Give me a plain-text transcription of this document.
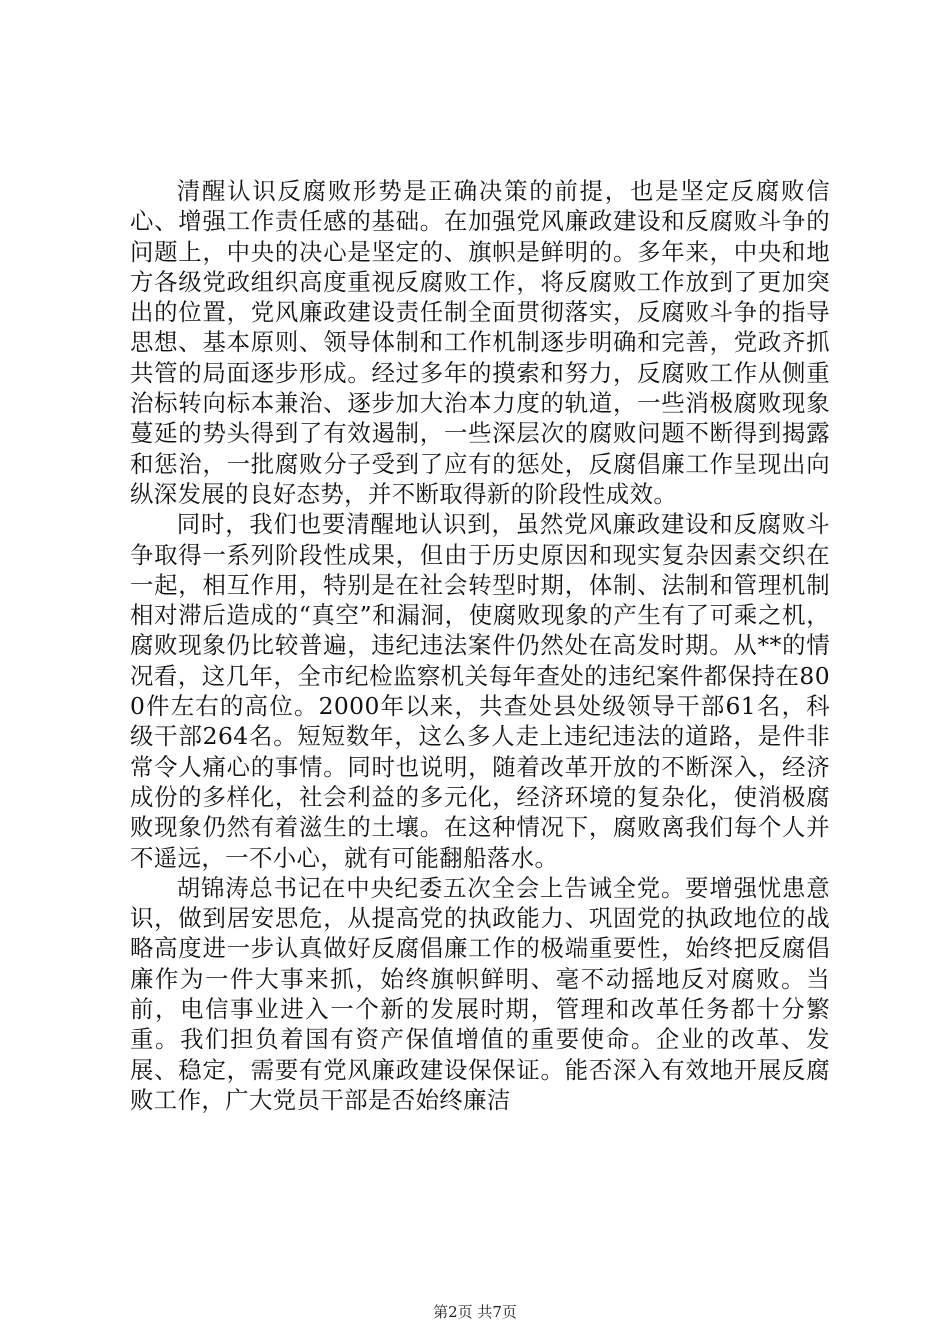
清醒认识反腐败形势是正确决策的前提，也是坚定反腐败信心、增强工作责任感的基础。在加强党风廉政建设和反腐败斗争的问题上，中央的决心是坚定的、旗帜是鲜明的。多年来，中央和地方各级党政组织高度重视反腐败工作，将反腐败工作放到了更加突出的位置，党风廉政建设责任制全面贯彻落实，反腐败斗争的指导思想、基本原则、领导体制和工作机制逐步明确和完善，党政齐抓共管的局面逐步形成。经过多年的摸索和努力，反腐败工作从侧重治标转向标本兼治、逐步加大治本力度的轨道，一些消极腐败现象蔓延的势头得到了有效遏制，一些深层次的腐败问题不断得到揭露和惩治，一批腐败分子受到了应有的惩处，反腐倡廉工作呈现出向纵深发展的良好态势，并不断取得新的阶段性成效。

同时，我们也要清醒地认识到，虽然党风廉政建设和反腐败斗争取得一系列阶段性成果，但由于历史原因和现实复杂因素交织在一起，相互作用，特别是在社会转型时期，体制、法制和管理机制相对滞后造成的“真空”和漏洞，使腐败现象的产生有了可乘之机，腐败现象仍比较普遍，违纪违法案件仍然处在高发时期。从**的情况看，这几年，全市纪检监察机关每年查处的违纪案件都保持在800件左右的高位。2000年以来，共查处县处级领导干部61名，科级干部264名。短短数年，这么多人走上违纪违法的道路，是件非常令人痛心的事情。同时也说明，随着改革开放的不断深入，经济成份的多样化，社会利益的多元化，经济环境的复杂化，使消极腐败现象仍然有着滋生的土壤。在这种情况下，腐败离我们每个人并不遥远，一不小心，就有可能翻船落水。

胡锦涛总书记在中央纪委五次全会上告诫全党。要增强忧患意识，做到居安思危，从提高党的执政能力、巩固党的执政地位的战略高度进一步认真做好反腐倡廉工作的极端重要性，始终把反腐倡廉作为一件大事来抓，始终旗帜鲜明、毫不动摇地反对腐败。当前，电信事业进入一个新的发展时期，管理和改革任务都十分繁重。我们担负着国有资产保值增值的重要使命。企业的改革、发展、稳定，需要有党风廉政建设保保证。能否深入有效地开展反腐败工作，广大党员干部是否始终廉洁

第2页 共7页
